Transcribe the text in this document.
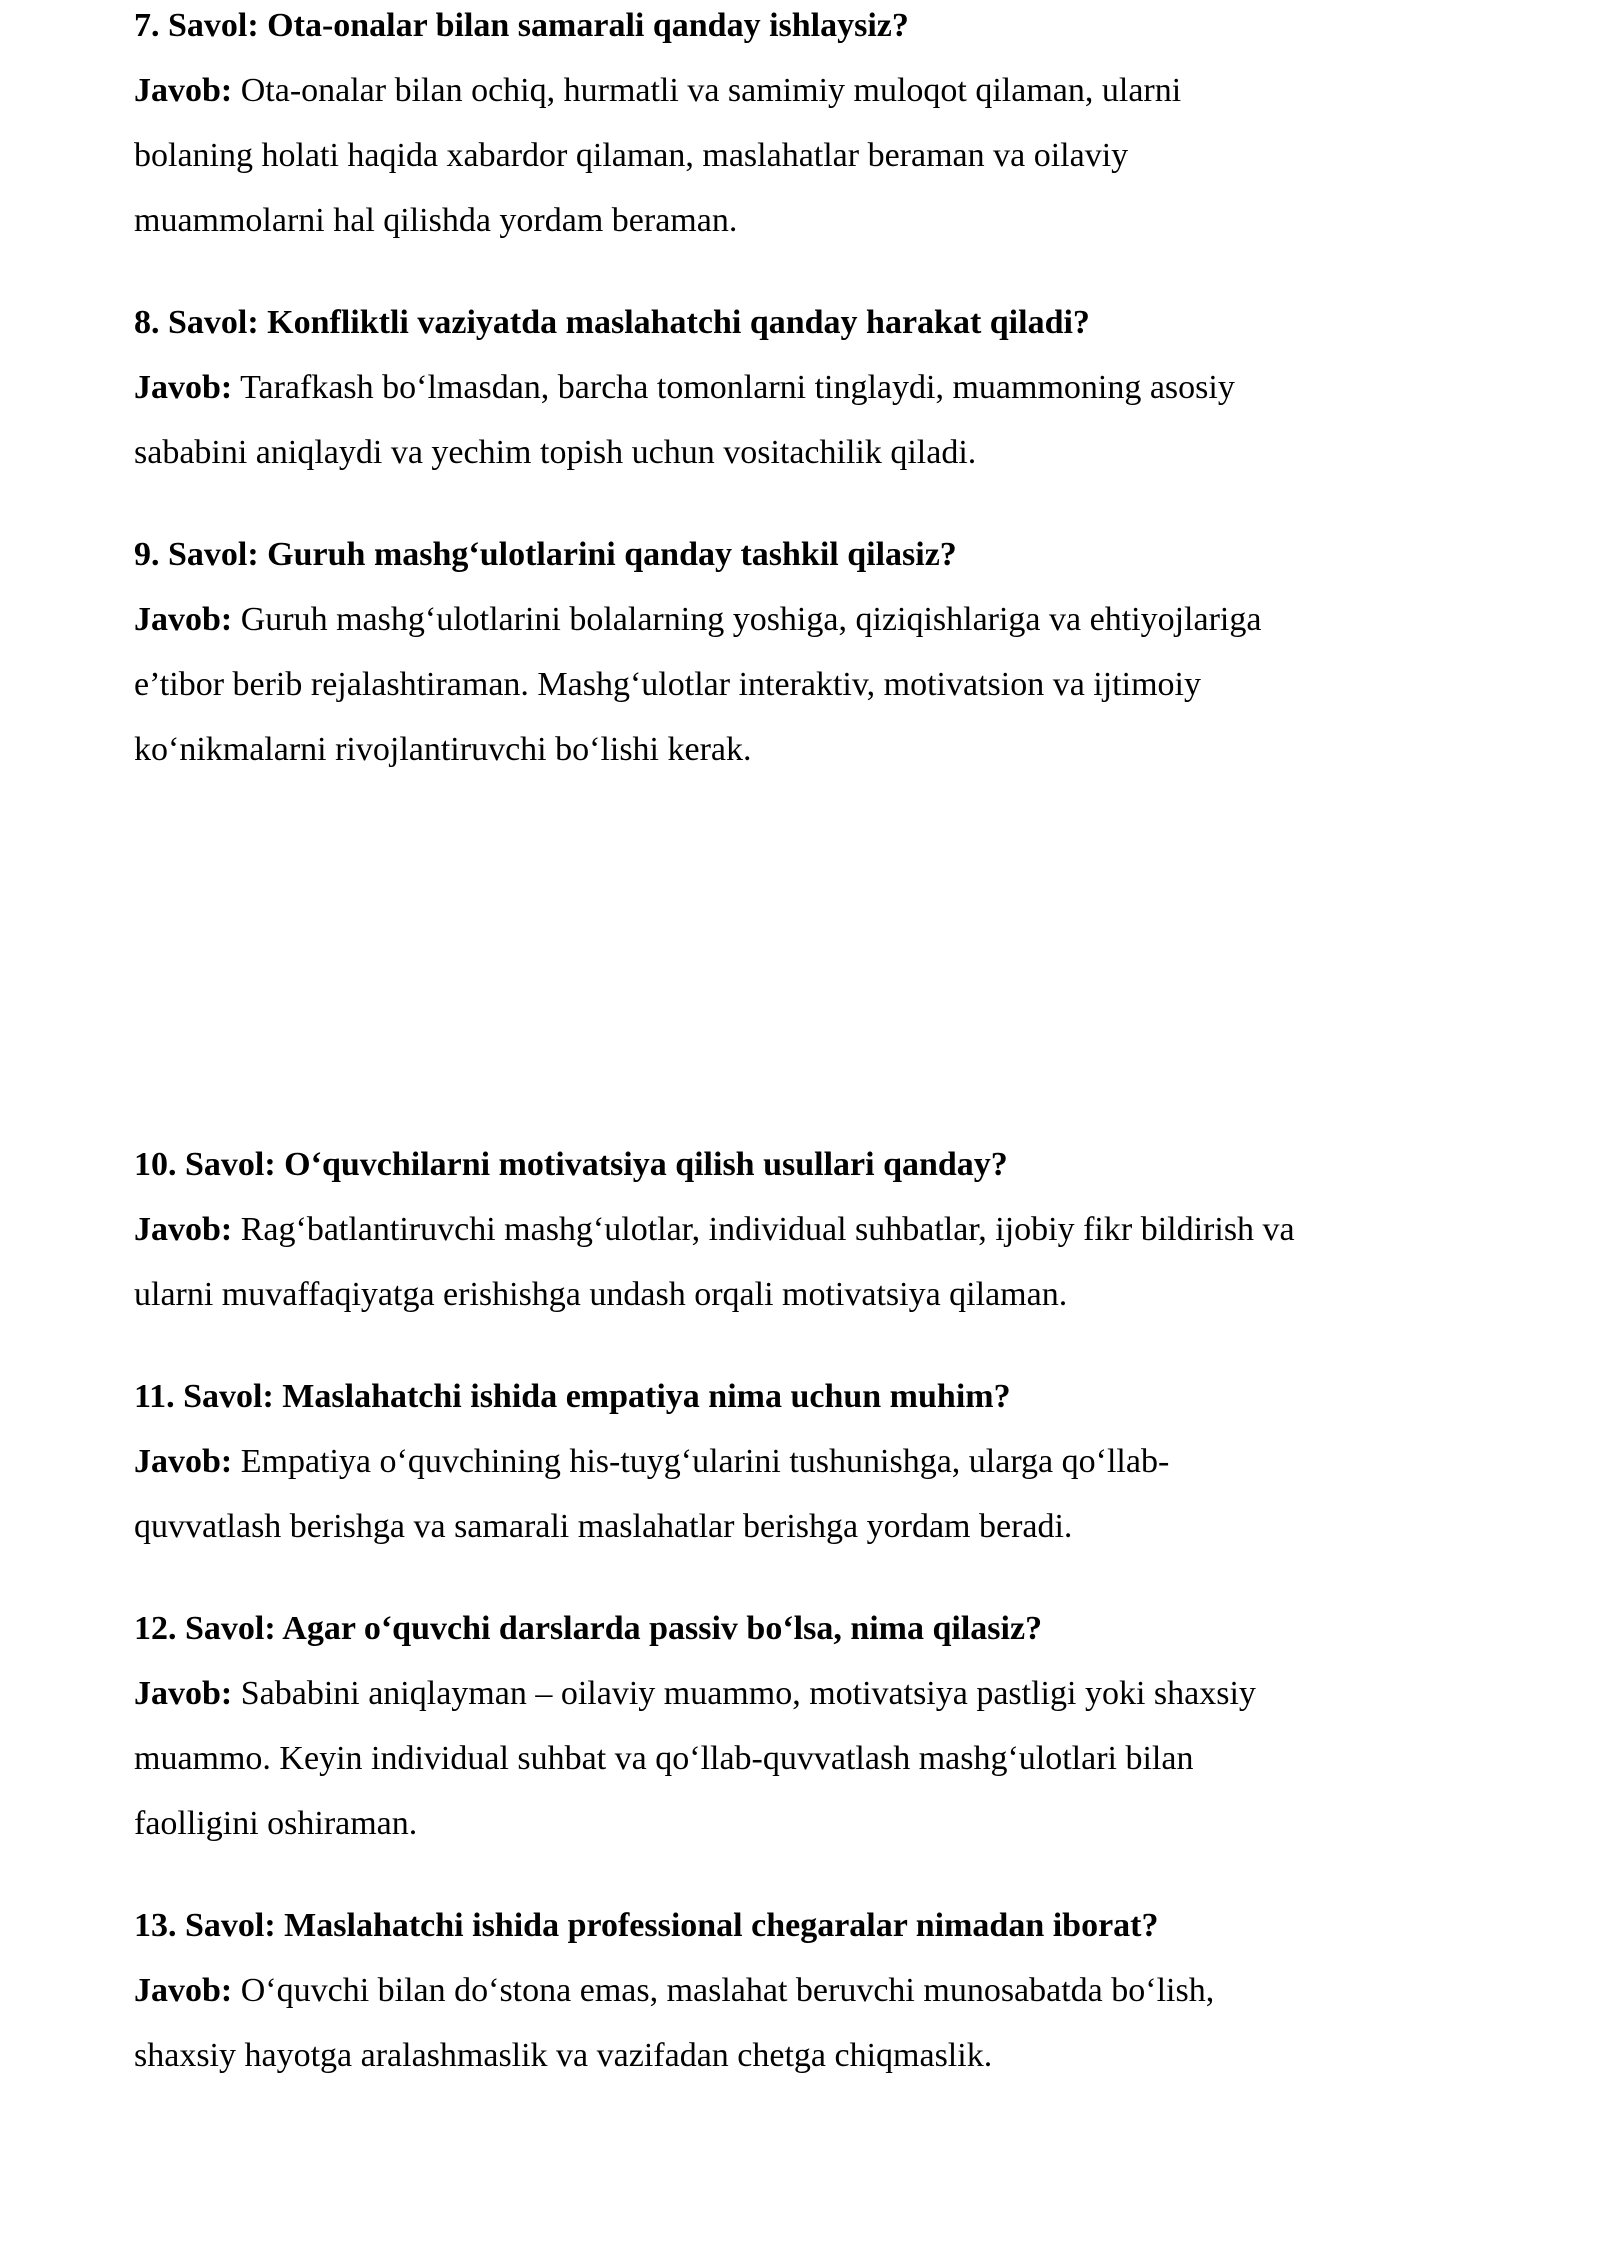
7. Savol: Ota-onalar bilan samarali qanday ishlaysiz?

Javob: Ota-onalar bilan ochiq, hurmatli va samimiy muloqot qilaman, ularni

bolaning holati haqida xabardor qilaman, maslahatlar beraman va oilaviy

muammolarni hal qilishda yordam beraman.

8. Savol: Konfliktli vaziyatda maslahatchi qanday harakat qiladi?

Javob: Tarafkash bo‘lmasdan, barcha tomonlarni tinglaydi, muammoning asosiy

sababini aniqlaydi va yechim topish uchun vositachilik qiladi.

9. Savol: Guruh mashg‘ulotlarini qanday tashkil qilasiz?

Javob: Guruh mashg‘ulotlarini bolalarning yoshiga, qiziqishlariga va ehtiyojlariga

e’tibor berib rejalashtiraman. Mashg‘ulotlar interaktiv, motivatsion va ijtimoiy

ko‘nikmalarni rivojlantiruvchi bo‘lishi kerak.

10. Savol: O‘quvchilarni motivatsiya qilish usullari qanday?

Javob: Rag‘batlantiruvchi mashg‘ulotlar, individual suhbatlar, ijobiy fikr bildirish va

ularni muvaffaqiyatga erishishga undash orqali motivatsiya qilaman.

11. Savol: Maslahatchi ishida empatiya nima uchun muhim?

Javob: Empatiya o‘quvchining his-tuyg‘ularini tushunishga, ularga qo‘llab-

quvvatlash berishga va samarali maslahatlar berishga yordam beradi.

12. Savol: Agar o‘quvchi darslarda passiv bo‘lsa, nima qilasiz?

Javob: Sababini aniqlayman – oilaviy muammo, motivatsiya pastligi yoki shaxsiy

muammo. Keyin individual suhbat va qo‘llab-quvvatlash mashg‘ulotlari bilan

faolligini oshiraman.

13. Savol: Maslahatchi ishida professional chegaralar nimadan iborat?

Javob: O‘quvchi bilan do‘stona emas, maslahat beruvchi munosabatda bo‘lish,

shaxsiy hayotga aralashmaslik va vazifadan chetga chiqmaslik.
